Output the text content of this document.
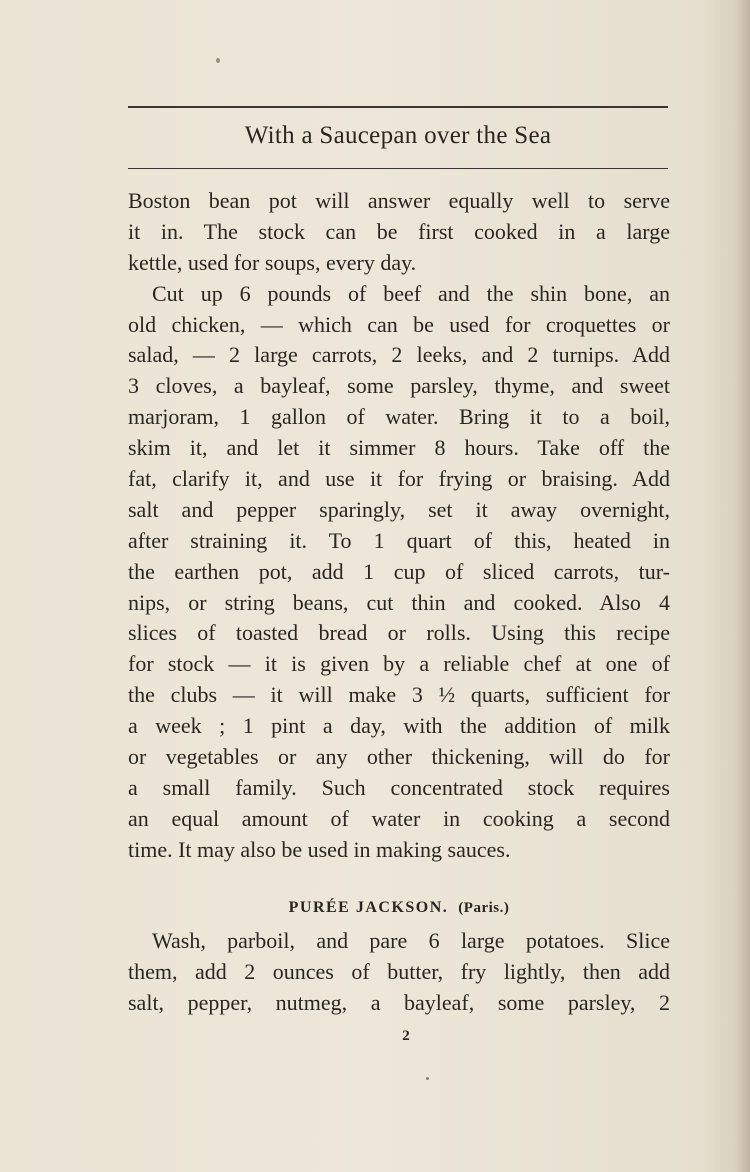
With a Saucepan over the Sea
Boston bean pot will answer equally well to serve
it in. The stock can be first cooked in a large
kettle, used for soups, every day.
Cut up 6 pounds of beef and the shin bone, an
old chicken, — which can be used for croquettes or
salad, — 2 large carrots, 2 leeks, and 2 turnips. Add
3 cloves, a bayleaf, some parsley, thyme, and sweet
marjoram, 1 gallon of water. Bring it to a boil,
skim it, and let it simmer 8 hours. Take off the
fat, clarify it, and use it for frying or braising. Add
salt and pepper sparingly, set it away overnight,
after straining it. To 1 quart of this, heated in
the earthen pot, add 1 cup of sliced carrots, tur-
nips, or string beans, cut thin and cooked. Also 4
slices of toasted bread or rolls. Using this recipe
for stock — it is given by a reliable chef at one of
the clubs — it will make 3 ½ quarts, sufficient for
a week ; 1 pint a day, with the addition of milk
or vegetables or any other thickening, will do for
a small family. Such concentrated stock requires
an equal amount of water in cooking a second
time. It may also be used in making sauces.
PURÉE JACKSON. (Paris.)
Wash, parboil, and pare 6 large potatoes. Slice
them, add 2 ounces of butter, fry lightly, then add
salt, pepper, nutmeg, a bayleaf, some parsley, 2
2
